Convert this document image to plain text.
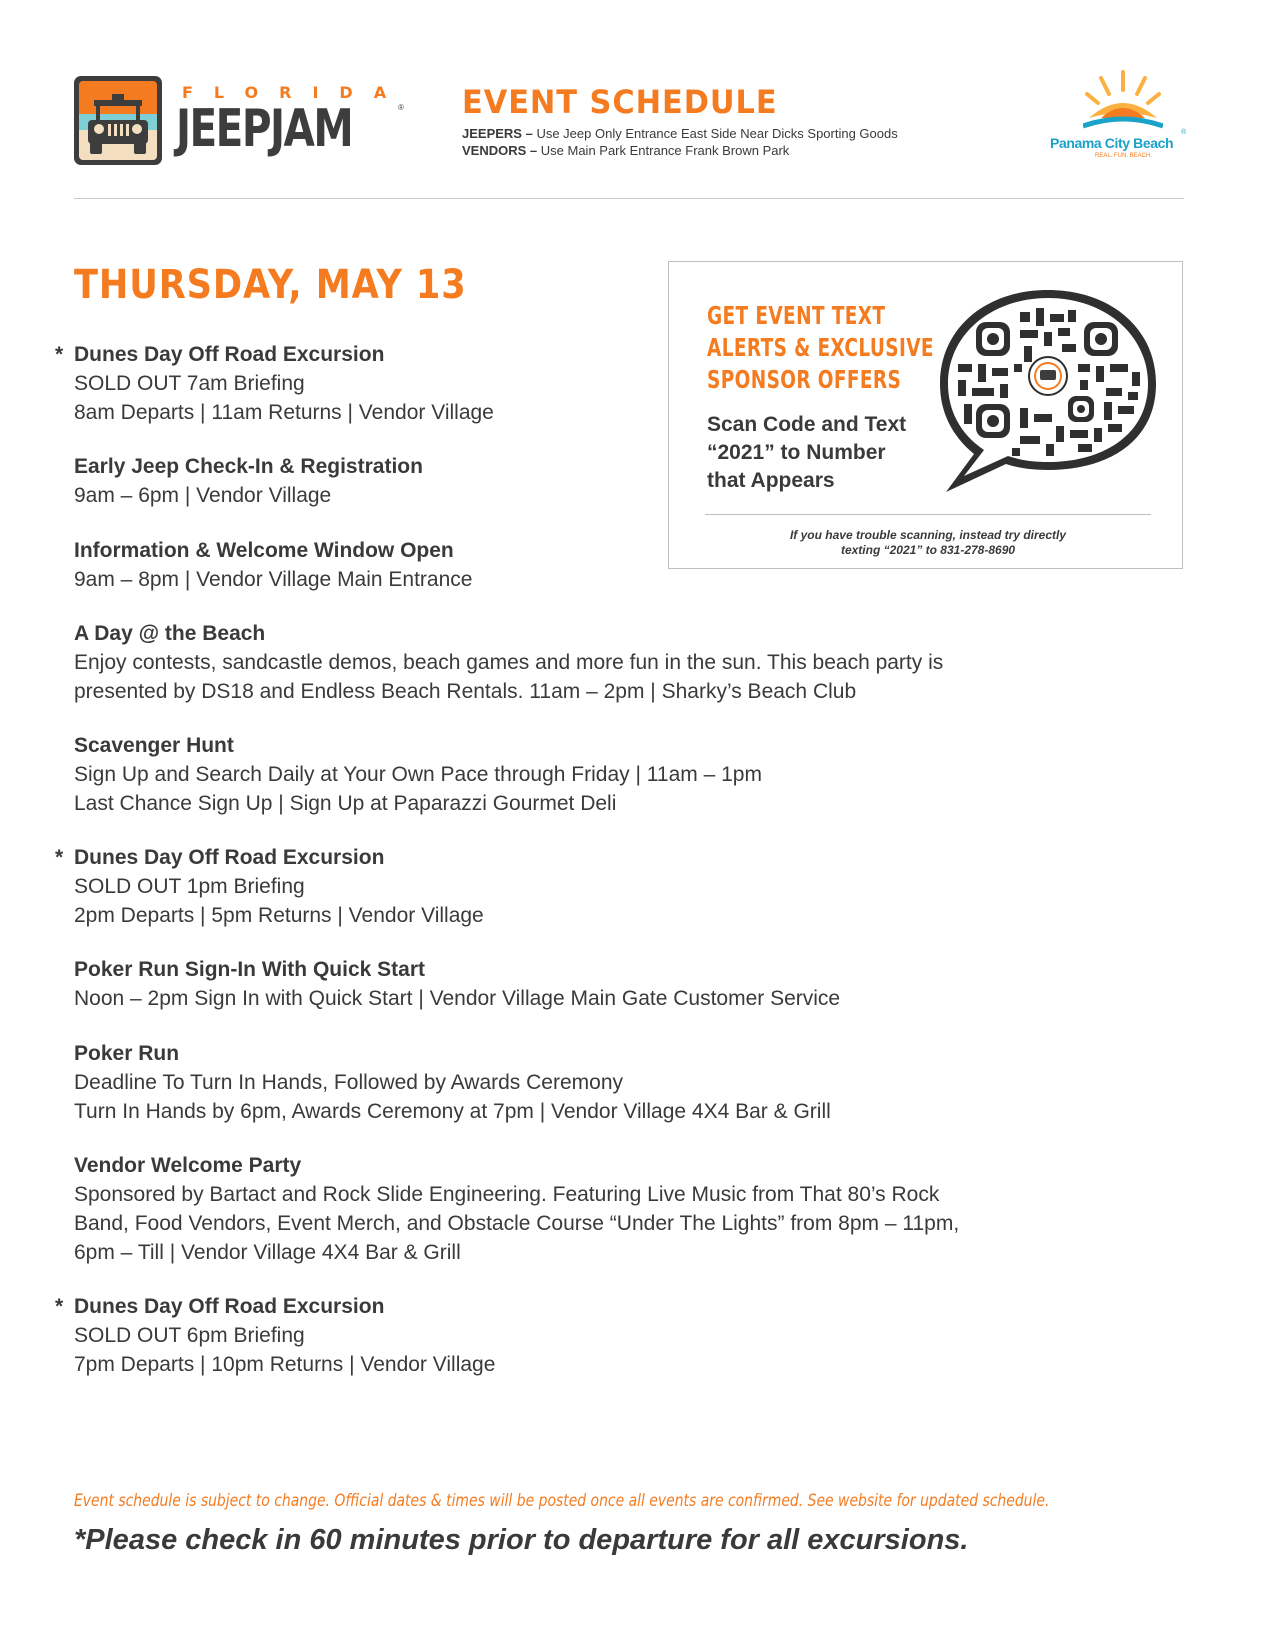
FLORIDA
JEEPJAM	® EVENT SCHEDULE
JEEPERS – Use Jeep Only Entrance East Side Near Dicks Sporting Goods
VENDORS – Use Main Park Entrance Frank Brown Park	Panama City Beach
®
REAL. FUN. BEACH.
THURSDAY, MAY 13
* Dunes Day Off Road Excursion
SOLD OUT 7am Briefing
8am Departs | 11am Returns | Vendor Village
Early Jeep Check-In & Registration
9am – 6pm | Vendor Village
Information & Welcome Window Open
9am – 8pm | Vendor Village Main Entrance
A Day @ the Beach
Enjoy contests, sandcastle demos, beach games and more fun in the sun. This beach party is
presented by DS18 and Endless Beach Rentals. 11am – 2pm | Sharky’s Beach Club
Scavenger Hunt
Sign Up and Search Daily at Your Own Pace through Friday | 11am – 1pm
Last Chance Sign Up | Sign Up at Paparazzi Gourmet Deli
* Dunes Day Off Road Excursion
SOLD OUT 1pm Briefing
2pm Departs | 5pm Returns | Vendor Village
Poker Run Sign-In With Quick Start
Noon – 2pm Sign In with Quick Start | Vendor Village Main Gate Customer Service
Poker Run
Deadline To Turn In Hands, Followed by Awards Ceremony
Turn In Hands by 6pm, Awards Ceremony at 7pm | Vendor Village 4X4 Bar & Grill
Vendor Welcome Party
Sponsored by Bartact and Rock Slide Engineering. Featuring Live Music from That 80’s Rock
Band, Food Vendors, Event Merch, and Obstacle Course “Under The Lights” from 8pm – 11pm,
6pm – Till | Vendor Village 4X4 Bar & Grill
* Dunes Day Off Road Excursion
SOLD OUT 6pm Briefing
7pm Departs | 10pm Returns | Vendor Village
GET EVENT TEXT
ALERTS & EXCLUSIVE
SPONSOR OFFERS
Scan Code and Text
“2021” to Number
that Appears
If you have trouble scanning, instead try directly
texting “2021” to 831-278-8690
Event schedule is subject to change. Official dates & times will be posted once all events are confirmed. See website for updated schedule.
*Please check in 60 minutes prior to departure for all excursions.
